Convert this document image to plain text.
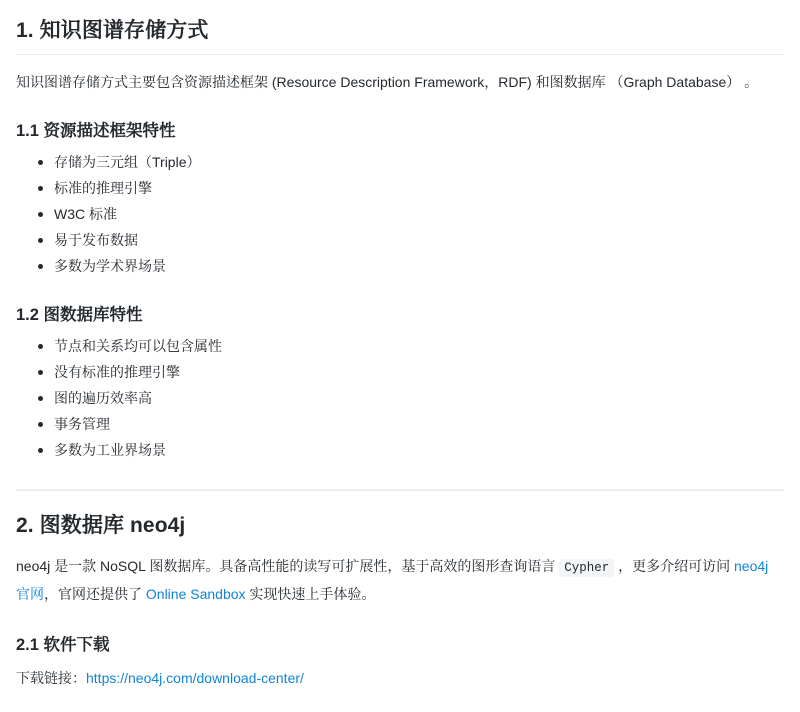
1. 知识图谱存储方式

知识图谱存储方式主要包含资源描述框架 (Resource Description Framework，RDF) 和图数据库 （Graph Database） 。

1.1 资源描述框架特性
存储为三元组（Triple）
标准的推理引擎
W3C 标准
易于发布数据
多数为学术界场景
1.2 图数据库特性
节点和关系均可以包含属性
没有标准的推理引擎
图的遍历效率高
事务管理
多数为工业界场景
2. 图数据库 neo4j

neo4j 是一款 NoSQL 图数据库。具备高性能的读写可扩展性，基于高效的图形查询语言 Cypher ，更多介绍可访问 neo4j 官网，官网还提供了 Online Sandbox 实现快速上手体验。

2.1 软件下载

下载链接：https://neo4j.com/download-center/
